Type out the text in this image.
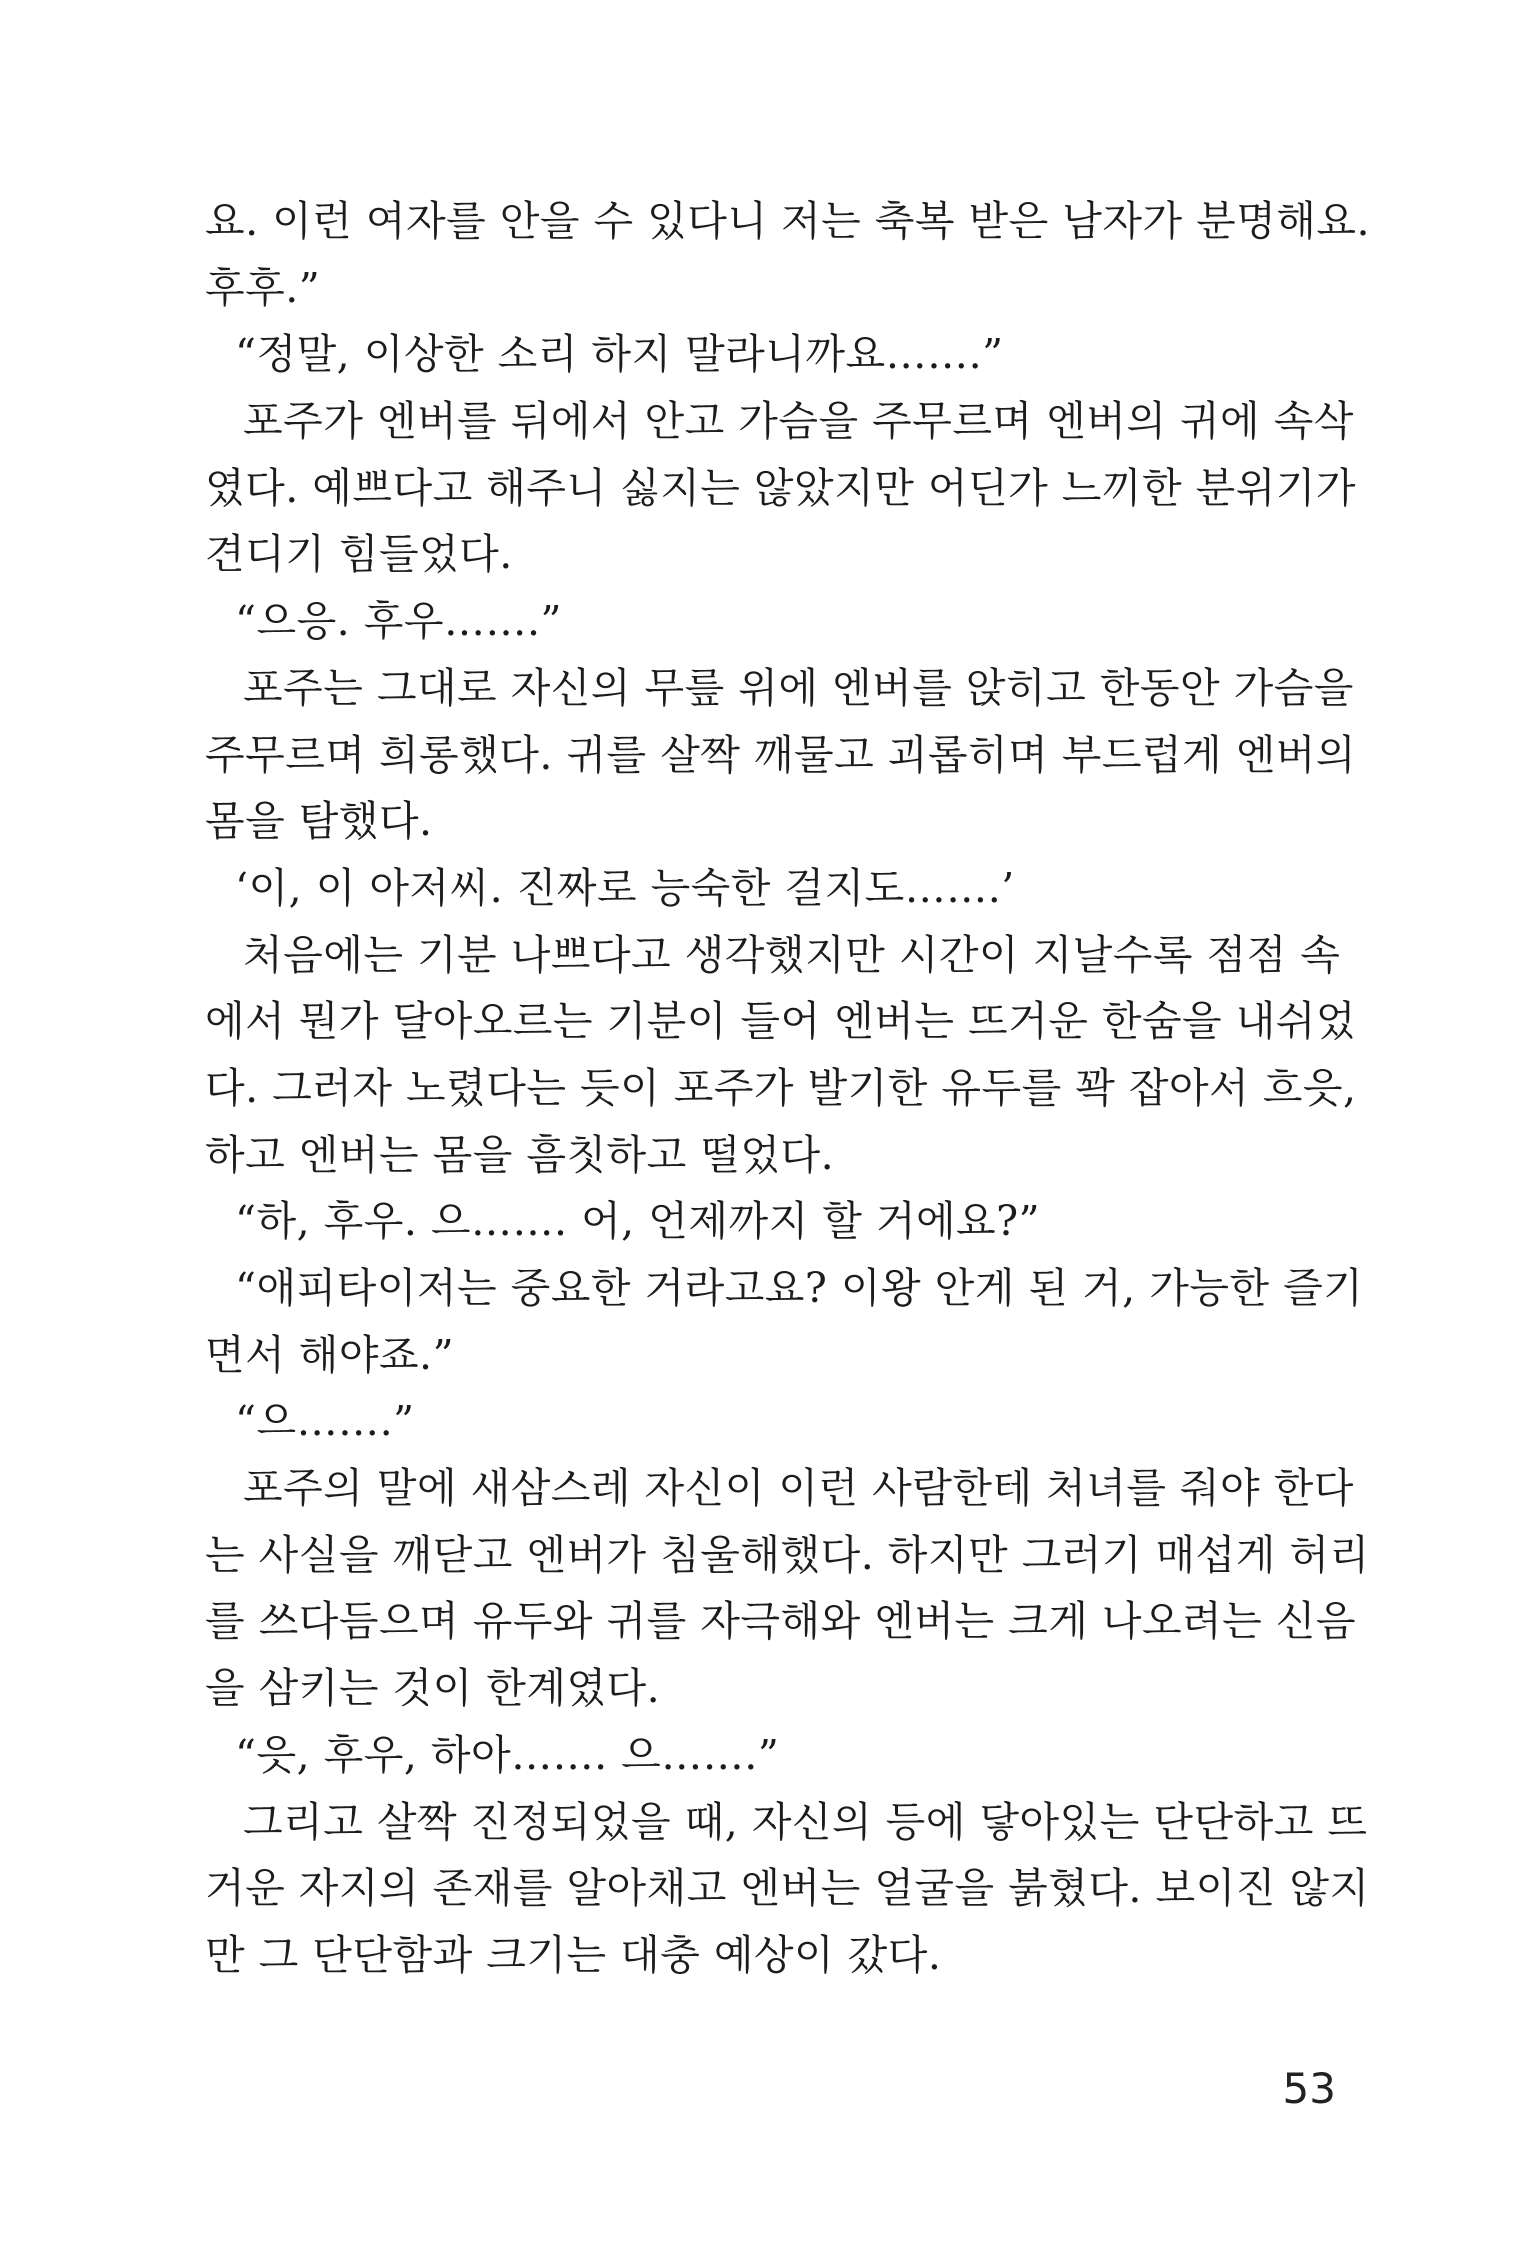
요. 이런 여자를 안을 수 있다니 저는 축복 받은 남자가 분명해요.
후후.”
“정말, 이상한 소리 하지 말라니까요…….”
포주가 엔버를 뒤에서 안고 가슴을 주무르며 엔버의 귀에 속삭
였다. 예쁘다고 해주니 싫지는 않았지만 어딘가 느끼한 분위기가
견디기 힘들었다.
“으응. 후우…….”
포주는 그대로 자신의 무릎 위에 엔버를 앉히고 한동안 가슴을
주무르며 희롱했다. 귀를 살짝 깨물고 괴롭히며 부드럽게 엔버의
몸을 탐했다.
‘이, 이 아저씨. 진짜로 능숙한 걸지도…….’
처음에는 기분 나쁘다고 생각했지만 시간이 지날수록 점점 속
에서 뭔가 달아오르는 기분이 들어 엔버는 뜨거운 한숨을 내쉬었
다. 그러자 노렸다는 듯이 포주가 발기한 유두를 꽉 잡아서 흐읏,
하고 엔버는 몸을 흠칫하고 떨었다.
“하, 후우. 으……. 어, 언제까지 할 거에요?”
“애피타이저는 중요한 거라고요? 이왕 안게 된 거, 가능한 즐기
면서 해야죠.”
“으…….”
포주의 말에 새삼스레 자신이 이런 사람한테 처녀를 줘야 한다
는 사실을 깨닫고 엔버가 침울해했다. 하지만 그러기 매섭게 허리
를 쓰다듬으며 유두와 귀를 자극해와 엔버는 크게 나오려는 신음
을 삼키는 것이 한계였다.
“읏, 후우, 하아……. 으…….”
그리고 살짝 진정되었을 때, 자신의 등에 닿아있는 단단하고 뜨
거운 자지의 존재를 알아채고 엔버는 얼굴을 붉혔다. 보이진 않지
만 그 단단함과 크기는 대충 예상이 갔다.
53
